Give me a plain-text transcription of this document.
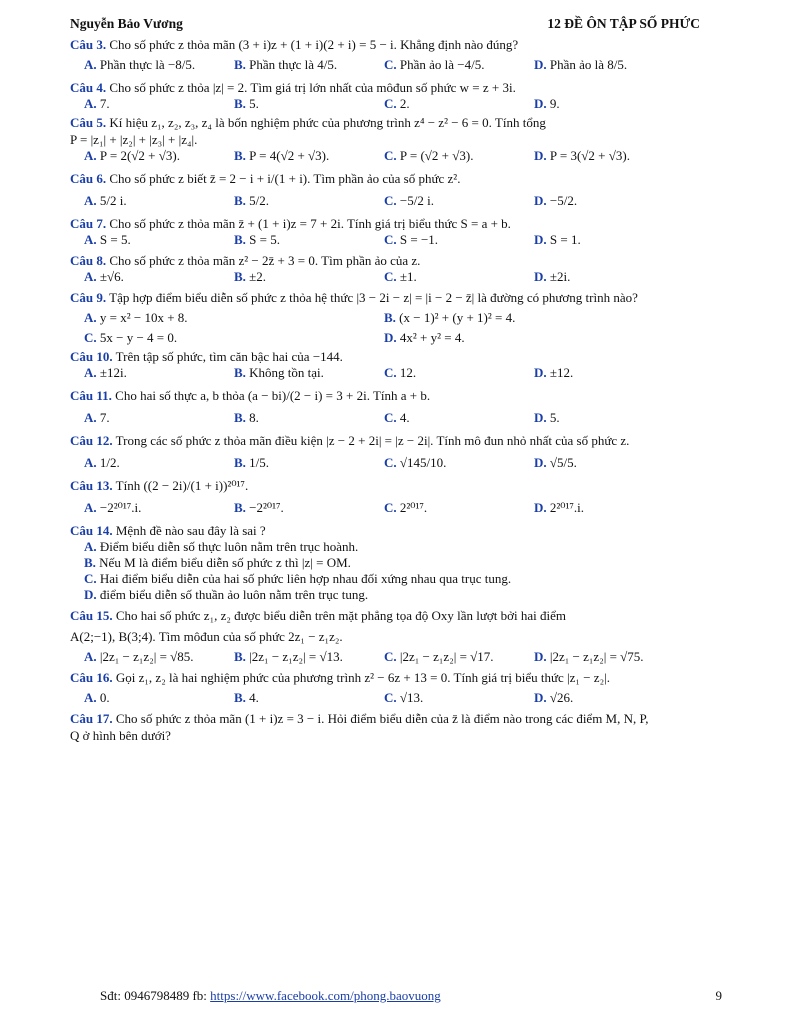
Nguyễn Bảo Vương	12 ĐỀ ÔN TẬP SỐ PHỨC

Câu 3. Cho số phức z thỏa mãn (3 + i)z + (1 + i)(2 + i) = 5 − i. Khẳng định nào đúng?

A. Phần thực là −8/5.	B. Phần thực là 4/5.	C. Phần ảo là −4/5.	D. Phần ảo là 8/5.

Câu 4. Cho số phức z thỏa |z| = 2. Tìm giá trị lớn nhất của môđun số phức w = z + 3i.

A. 7.	B. 5.	C. 2.	D. 9.

Câu 5. Kí hiệu z₁, z₂, z₃, z₄ là bốn nghiệm phức của phương trình z⁴ − z² − 6 = 0. Tính tổng

P = |z₁| + |z₂| + |z₃| + |z₄|.

A. P = 2(√2 + √3).	B. P = 4(√2 + √3).	C. P = (√2 + √3).	D. P = 3(√2 + √3).

Câu 6. Cho số phức z biết z̄ = 2 − i + i/(1 + i). Tìm phần ảo của số phức z².

A. 5/2 i.	B. 5/2.	C. −5/2 i.	D. −5/2.

Câu 7. Cho số phức z thỏa mãn z̄ + (1 + i)z = 7 + 2i. Tính giá trị biểu thức S = a + b.

A. S = 5.	B. S = 5.	C. S = −1.	D. S = 1.

Câu 8. Cho số phức z thỏa mãn z² − 2z̄ + 3 = 0. Tìm phần ảo của z.

A. ±√6.	B. ±2.	C. ±1.	D. ±2i.

Câu 9. Tập hợp điểm biểu diễn số phức z thỏa hệ thức |3 − 2i − z| = |i − 2 − z̄| là đường có phương trình nào?

A. y = x² − 10x + 8.	B. (x − 1)² + (y + 1)² = 4.
C. 5x − y − 4 = 0.	D. 4x² + y² = 4.

Câu 10. Trên tập số phức, tìm căn bậc hai của −144.

A. ±12i.	B. Không tồn tại.	C. 12.	D. ±12.

Câu 11. Cho hai số thực a, b thỏa (a − bi)/(2 − i) = 3 + 2i. Tính a + b.

A. 7.	B. 8.	C. 4.	D. 5.

Câu 12. Trong các số phức z thỏa mãn điều kiện |z − 2 + 2i| = |z − 2i|. Tính mô đun nhỏ nhất của số phức z.

A. 1/2.	B. 1/5.	C. √145/10.	D. √5/5.

Câu 13. Tính ((2 − 2i)/(1 + i))²⁰¹⁷.

A. −2²⁰¹⁷.i.	B. −2²⁰¹⁷.	C. 2²⁰¹⁷.	D. 2²⁰¹⁷.i.

Câu 14. Mệnh đề nào sau đây là sai ?

A. Điểm biểu diễn số thực luôn nằm trên trục hoành.
B. Nếu M là điểm biểu diễn số phức z thì |z| = OM.
C. Hai điểm biểu diễn của hai số phức liên hợp nhau đối xứng nhau qua trục tung.
D. điểm biểu diễn số thuần ảo luôn nằm trên trục tung.

Câu 15. Cho hai số phức z₁, z₂ được biểu diễn trên mặt phẳng tọa độ Oxy lần lượt bởi hai điểm

A(2;−1), B(3;4). Tìm môđun của số phức 2z₁ − z₁z₂.

A. |2z₁ − z₁z₂| = √85.	B. |2z₁ − z₁z₂| = √13.	C. |2z₁ − z₁z₂| = √17.	D. |2z₁ − z₁z₂| = √75.

Câu 16. Gọi z₁, z₂ là hai nghiệm phức của phương trình z² − 6z + 13 = 0. Tính giá trị biểu thức |z₁ − z₂|.

A. 0.	B. 4.	C. √13.	D. √26.

Câu 17. Cho số phức z thỏa mãn (1 + i)z = 3 − i. Hỏi điểm biểu diễn của z̄ là điểm nào trong các điểm M, N, P,

Q ở hình bên dưới?

Sđt: 0946798489 fb: https://www.facebook.com/phong.baovuong	9
